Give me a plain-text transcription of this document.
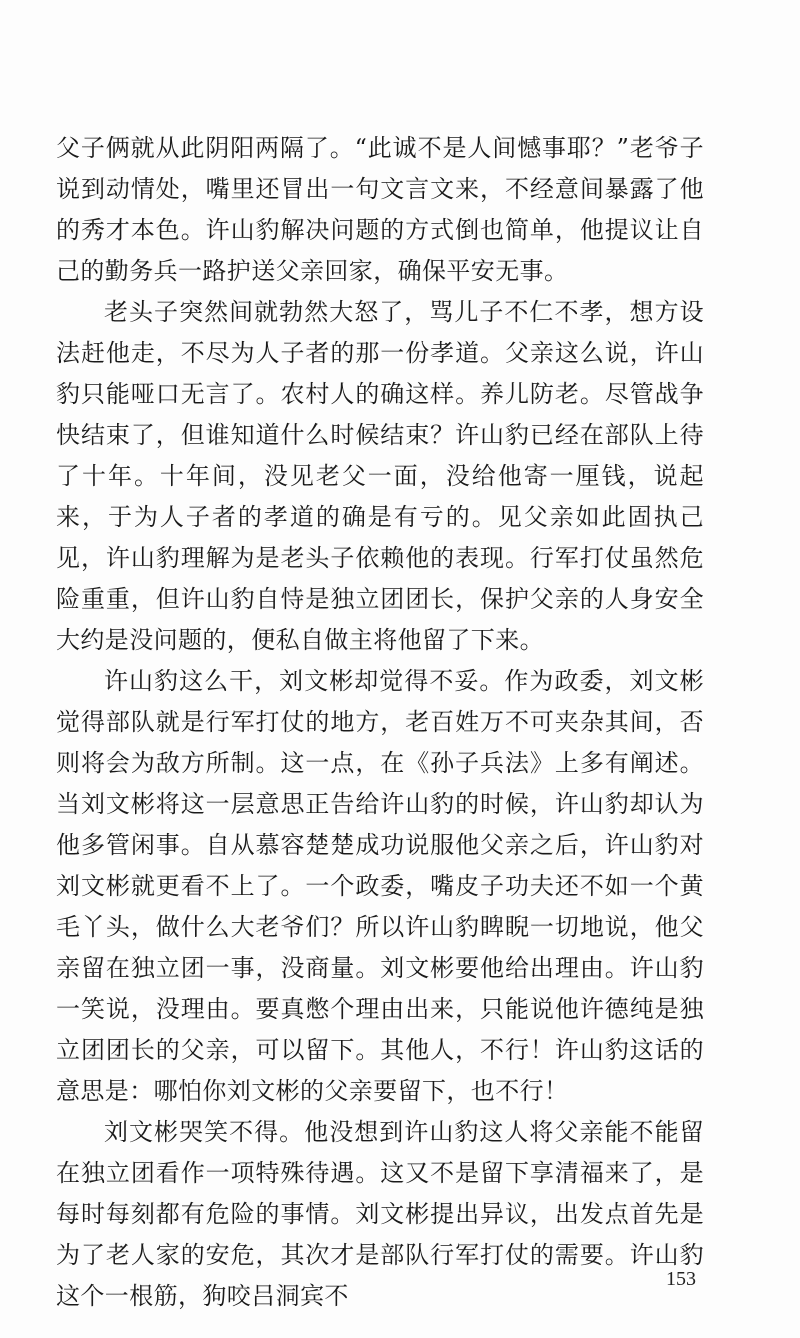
父子俩就从此阴阳两隔了。“此诚不是人间憾事耶？”老爷子说到动情处，嘴里还冒出一句文言文来，不经意间暴露了他的秀才本色。许山豹解决问题的方式倒也简单，他提议让自己的勤务兵一路护送父亲回家，确保平安无事。

老头子突然间就勃然大怒了，骂儿子不仁不孝，想方设法赶他走，不尽为人子者的那一份孝道。父亲这么说，许山豹只能哑口无言了。农村人的确这样。养儿防老。尽管战争快结束了，但谁知道什么时候结束？许山豹已经在部队上待了十年。十年间，没见老父一面，没给他寄一厘钱，说起来，于为人子者的孝道的确是有亏的。见父亲如此固执己见，许山豹理解为是老头子依赖他的表现。行军打仗虽然危险重重，但许山豹自恃是独立团团长，保护父亲的人身安全大约是没问题的，便私自做主将他留了下来。

许山豹这么干，刘文彬却觉得不妥。作为政委，刘文彬觉得部队就是行军打仗的地方，老百姓万不可夹杂其间，否则将会为敌方所制。这一点，在《孙子兵法》上多有阐述。当刘文彬将这一层意思正告给许山豹的时候，许山豹却认为他多管闲事。自从慕容楚楚成功说服他父亲之后，许山豹对刘文彬就更看不上了。一个政委，嘴皮子功夫还不如一个黄毛丫头，做什么大老爷们？所以许山豹睥睨一切地说，他父亲留在独立团一事，没商量。刘文彬要他给出理由。许山豹一笑说，没理由。要真憋个理由出来，只能说他许德纯是独立团团长的父亲，可以留下。其他人，不行！许山豹这话的意思是：哪怕你刘文彬的父亲要留下，也不行！

刘文彬哭笑不得。他没想到许山豹这人将父亲能不能留在独立团看作一项特殊待遇。这又不是留下享清福来了，是每时每刻都有危险的事情。刘文彬提出异议，出发点首先是为了老人家的安危，其次才是部队行军打仗的需要。许山豹这个一根筋，狗咬吕洞宾不

153
